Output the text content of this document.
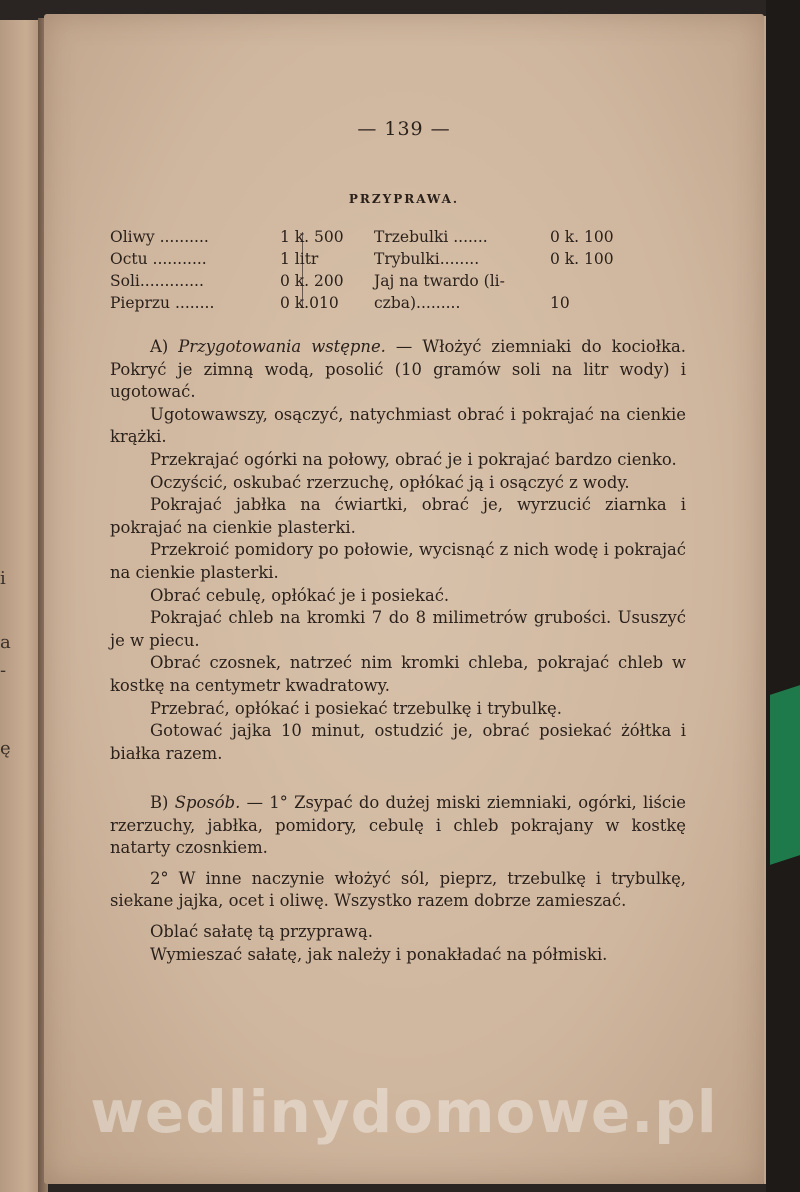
i
a
-
ę
— 139 —
PRZYPRAWA.
Oliwy ..........	1 k. 500 Trzebulki .......	0 k. 100
Octu ...........	1 litr	Trybulki........	0 k. 100
Soli.............	0 k. 200 Jaj na twardo (li-
Pieprzu ........	0 k.010 czba).........	10

A) Przygotowania wstępne. — Włożyć ziemniaki do kociołka. Pokryć je zimną wodą, posolić (10 gramów soli na litr wody) i ugotować.

Ugotowawszy, osączyć, natychmiast obrać i pokrajać na cienkie krążki.

Przekrajać ogórki na połowy, obrać je i pokrajać bardzo cienko.

Oczyścić, oskubać rzerzuchę, opłókać ją i osączyć z wody.

Pokrajać jabłka na ćwiartki, obrać je, wyrzucić ziarnka i pokrajać na cienkie plasterki.

Przekroić pomidory po połowie, wycisnąć z nich wodę i pokrajać na cienkie plasterki.

Obrać cebulę, opłókać je i posiekać.

Pokrajać chleb na kromki 7 do 8 milimetrów grubości. Ususzyć je w piecu.

Obrać czosnek, natrzeć nim kromki chleba, pokrajać chleb w kostkę na centymetr kwadratowy.

Przebrać, opłókać i posiekać trzebulkę i trybulkę.

Gotować jajka 10 minut, ostudzić je, obrać posiekać żółtka i białka razem.

B) Sposób. — 1° Zsypać do dużej miski ziemniaki, ogórki, liście rzerzuchy, jabłka, pomidory, cebulę i chleb pokrajany w kostkę natarty czosnkiem.

2° W inne naczynie włożyć sól, pieprz, trzebulkę i trybulkę, siekane jajka, ocet i oliwę. Wszystko razem dobrze zamieszać.

Oblać sałatę tą przyprawą.

Wymieszać sałatę, jak należy i ponakładać na półmiski.

wedlinydomowe.pl
